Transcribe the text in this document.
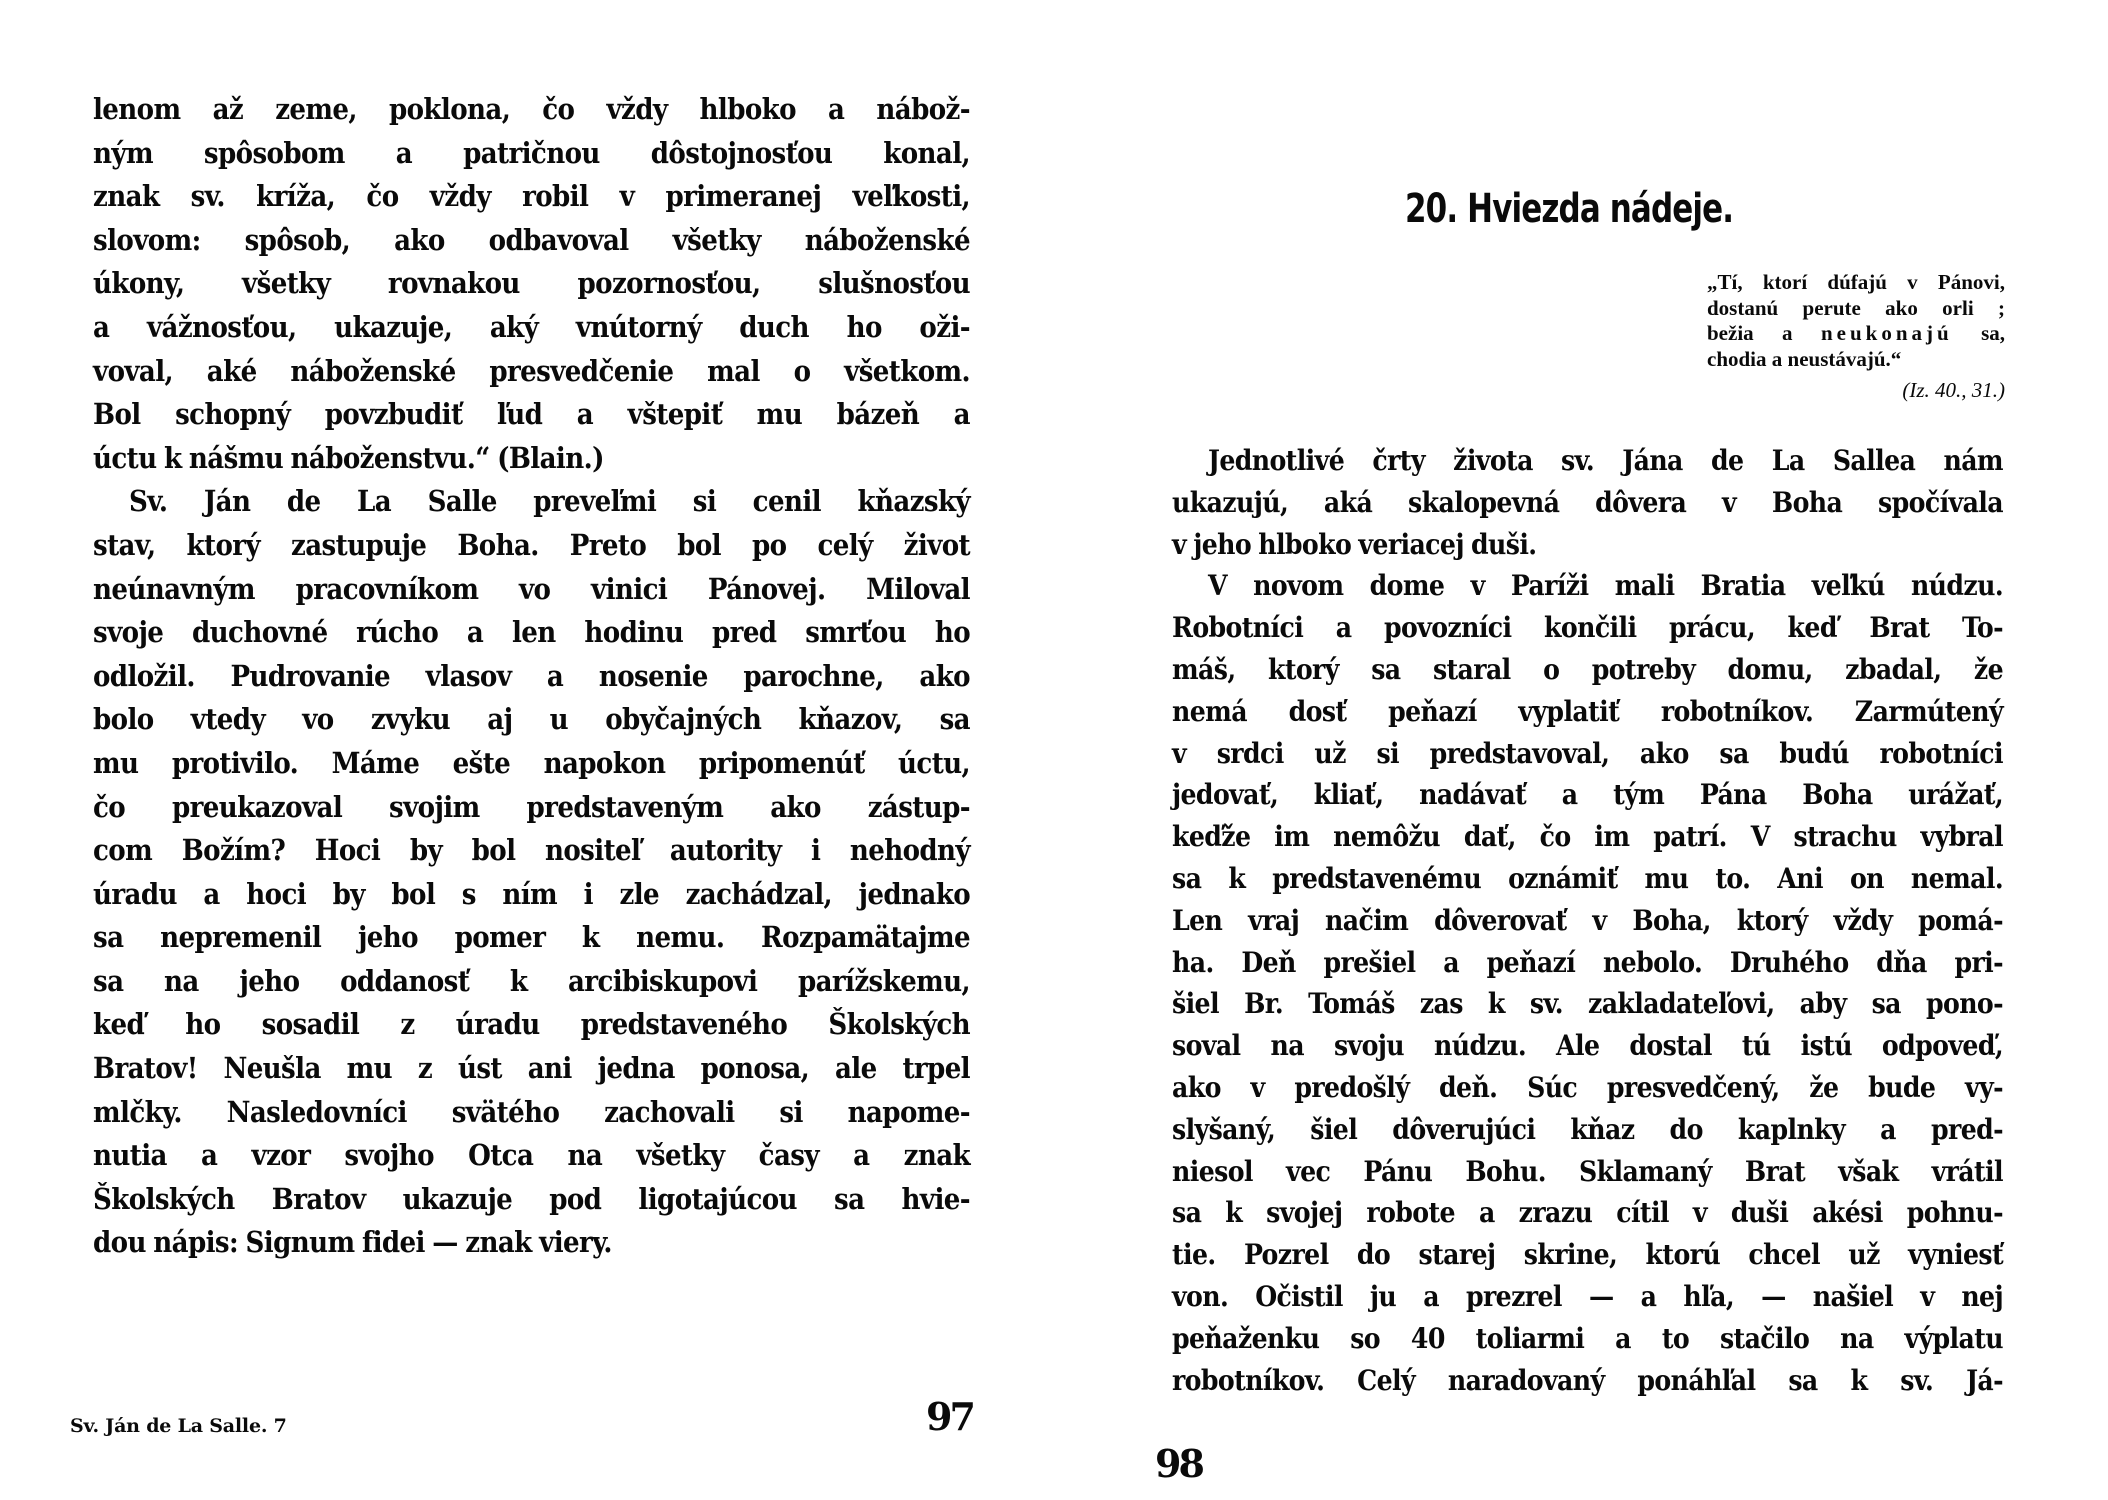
lenom až zeme, poklona, čo vždy hlboko a nábož-
ným spôsobom a patričnou dôstojnosťou konal,
znak sv. kríža, čo vždy robil v primeranej veľkosti,
slovom: spôsob, ako odbavoval všetky náboženské
úkony, všetky rovnakou pozornosťou, slušnosťou
a vážnosťou, ukazuje, aký vnútorný duch ho oži-
voval, aké náboženské presvedčenie mal o všetkom.
Bol schopný povzbudiť ľud a vštepiť mu bázeň a
úctu k nášmu náboženstvu.“ (Blain.)
Sv. Ján de La Salle preveľmi si cenil kňazský
stav, ktorý zastupuje Boha. Preto bol po celý život
neúnavným pracovníkom vo vinici Pánovej. Miloval
svoje duchovné rúcho a len hodinu pred smrťou ho
odložil. Pudrovanie vlasov a nosenie parochne, ako
bolo vtedy vo zvyku aj u obyčajných kňazov, sa
mu protivilo. Máme ešte napokon pripomenúť úctu,
čo preukazoval svojim predstaveným ako zástup-
com Božím? Hoci by bol nositeľ autority i nehodný
úradu a hoci by bol s ním i zle zachádzal, jednako
sa nepremenil jeho pomer k nemu. Rozpamätajme
sa na jeho oddanosť k arcibiskupovi parížskemu,
keď ho sosadil z úradu predstaveného Školských
Bratov! Neušla mu z úst ani jedna ponosa, ale trpel
mlčky. Nasledovníci svätého zachovali si napome-
nutia a vzor svojho Otca na všetky časy a znak
Školských Bratov ukazuje pod ligotajúcou sa hvie-
dou nápis: Signum fidei — znak viery.
Sv. Ján de La Salle. 7	97
20. Hviezda nádeje.
„Tí, ktorí dúfajú v Pánovi,
dostanú perute ako orli ;
bežia a neukonajú sa,
chodia a neustávajú.“
(Iz. 40., 31.)
Jednotlivé črty života sv. Jána de La Sallea nám
ukazujú, aká skalopevná dôvera v Boha spočívala
v jeho hlboko veriacej duši.
V novom dome v Paríži mali Bratia veľkú núdzu.
Robotníci a povozníci končili prácu, keď Brat To-
máš, ktorý sa staral o potreby domu, zbadal, že
nemá dosť peňazí vyplatiť robotníkov. Zarmútený
v srdci už si predstavoval, ako sa budú robotníci
jedovať, kliať, nadávať a tým Pána Boha urážať,
keďže im nemôžu dať, čo im patrí. V strachu vybral
sa k predstavenému oznámiť mu to. Ani on nemal.
Len vraj načim dôverovať v Boha, ktorý vždy pomá-
ha. Deň prešiel a peňazí nebolo. Druhého dňa pri-
šiel Br. Tomáš zas k sv. zakladateľovi, aby sa pono-
soval na svoju núdzu. Ale dostal tú istú odpoveď,
ako v predošlý deň. Súc presvedčený, že bude vy-
slyšaný, šiel dôverujúci kňaz do kaplnky a pred-
niesol vec Pánu Bohu. Sklamaný Brat však vrátil
sa k svojej robote a zrazu cítil v duši akési pohnu-
tie. Pozrel do starej skrine, ktorú chcel už vyniesť
von. Očistil ju a prezrel — a hľa, — našiel v nej
peňaženku so 40 toliarmi a to stačilo na výplatu
robotníkov. Celý naradovaný ponáhľal sa k sv. Já-
98
